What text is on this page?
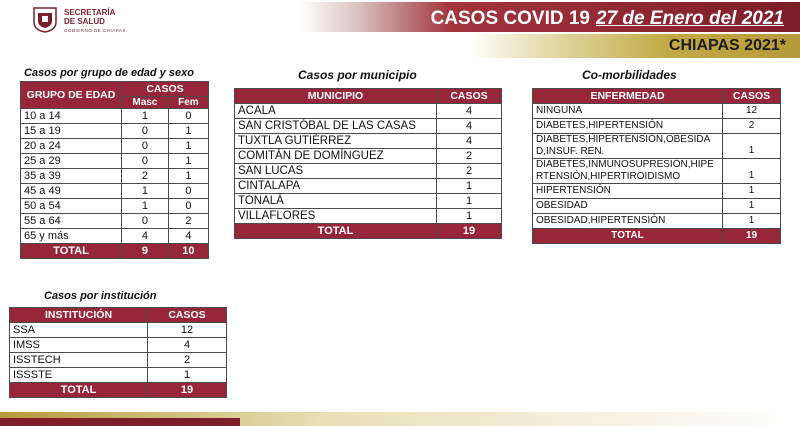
SECRETARÍA
DE SALUD
GOBIERNO DE CHIAPAS
CASOS COVID 19 27 de Enero del 2021
CHIAPAS 2021*
Casos por grupo de edad y sexo
GRUPO DE EDAD	CASOS	
	Masc	Fem
10 a 14	1	0
15 a 19	0	1
20 a 24	0	1
25 a 29	0	1
35 a 39	2	1
45 a 49	1	0
50 a 54	1	0
55 a 64	0	2
65 y más	4	4
TOTAL	9	10
Casos por institución
INSTITUCIÓN	CASOS
SSA	12
IMSS	4
ISSTECH	2
ISSSTE	1
TOTAL	19
Casos por municipio
MUNICIPIO	CASOS
ACALA	4
SAN CRISTÓBAL DE LAS CASAS	4
TUXTLA GUTIÉRREZ	4
COMITÁN DE DOMÍNGUEZ	2
SAN LUCAS	2
CINTALAPA	1
TONALÁ	1
VILLAFLORES	1
TOTAL	19
Co-morbilidades
ENFERMEDAD	CASOS
NINGUNA	12
DIABETES,HIPERTENSIÓN	2
DIABETES,HIPERTENSIÓN,OBESIDAD,INSUF. REN.	1
DIABETES,INMUNOSUPRESIÓN,HIPERTENSIÓN,HIPERTIROIDISMO	1
HIPERTENSIÓN	1
OBESIDAD	1
OBESIDAD,HIPERTENSIÓN	1
TOTAL	19
